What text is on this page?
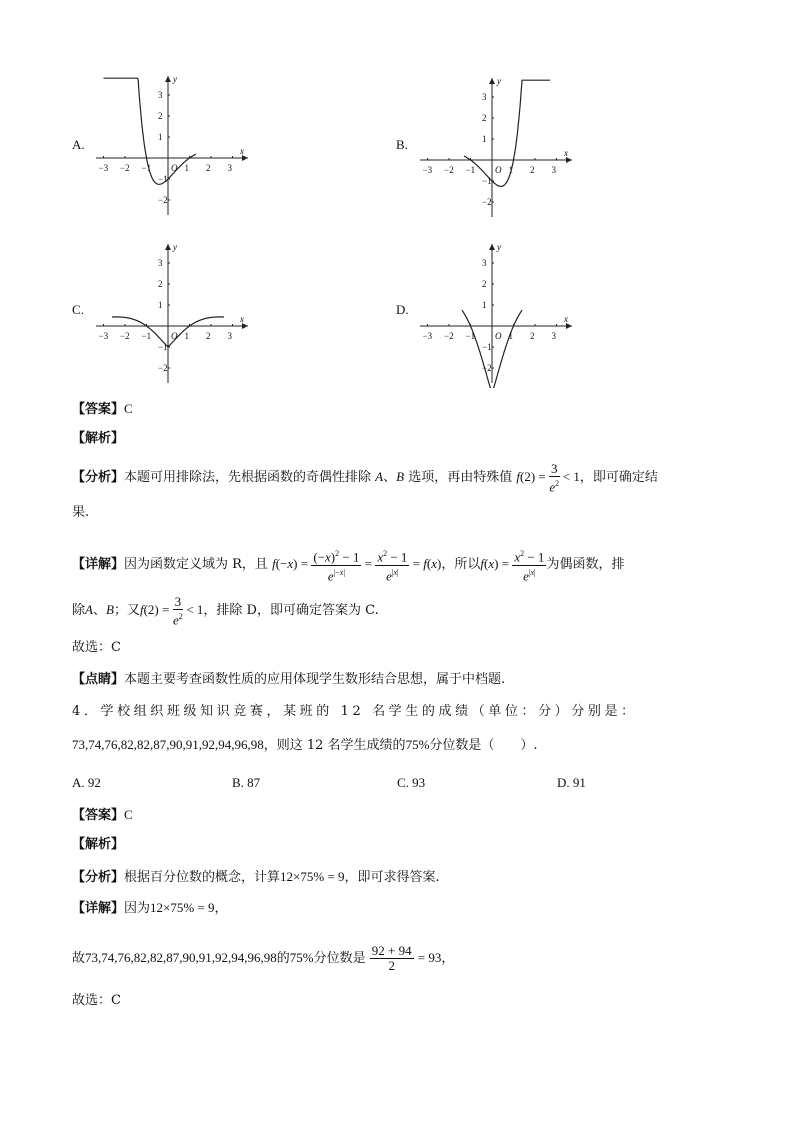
A.
−3 −2 −1	1 2 3
3
2
1
−1
−2
O
x
y
B.
−3 −2 −1	1 2 3
3
2
1
−1
−2
O
x
y
C.
−3 −2 −1	1 2 3
3
2
1
−1
−2
O
x
y
D.
−3 −2 −1	1 2 3
3
2
1
−1
−2
O
x
y
【答案】C
【解析】
【分析】本题可用排除法，先根据函数的奇偶性排除 A、B 选项，再由特殊值 $f(2) = \frac{3}{e^2} < 1$，即可确定结
果.
【详解】因为函数定义域为 R，且 $f(-x) = \frac{(-x)^2 - 1}{e^{|-x|}} = \frac{x^2 - 1}{e^{|x|}} = f(x)$，所以$f(x) = \frac{x^2 - 1}{e^{|x|}}$ 为偶函数，排
除A、B；又$f(2) = \frac{3}{e^2} < 1$，排除 D，即可确定答案为 C.
故选：C
【点睛】本题主要考查函数性质的应用体现学生数形结合思想，属于中档题.
4．学校组织班级知识竞赛，某班的 12 名学生的成绩（单位：分）分别是：
73,74,76,82,82,87,90,91,92,94,96,98，则这 12 名学生成绩的75%分位数是（　　）.
A. 92	B. 87	C. 93	D. 91
【答案】C
【解析】
【分析】根据百分位数的概念，计算12×75% = 9，即可求得答案.
【详解】因为12×75% = 9，
故73,74,76,82,82,87,90,91,92,94,96,98的75%分位数是 $\frac{92 + 94}{2} = 93$，
故选：C
